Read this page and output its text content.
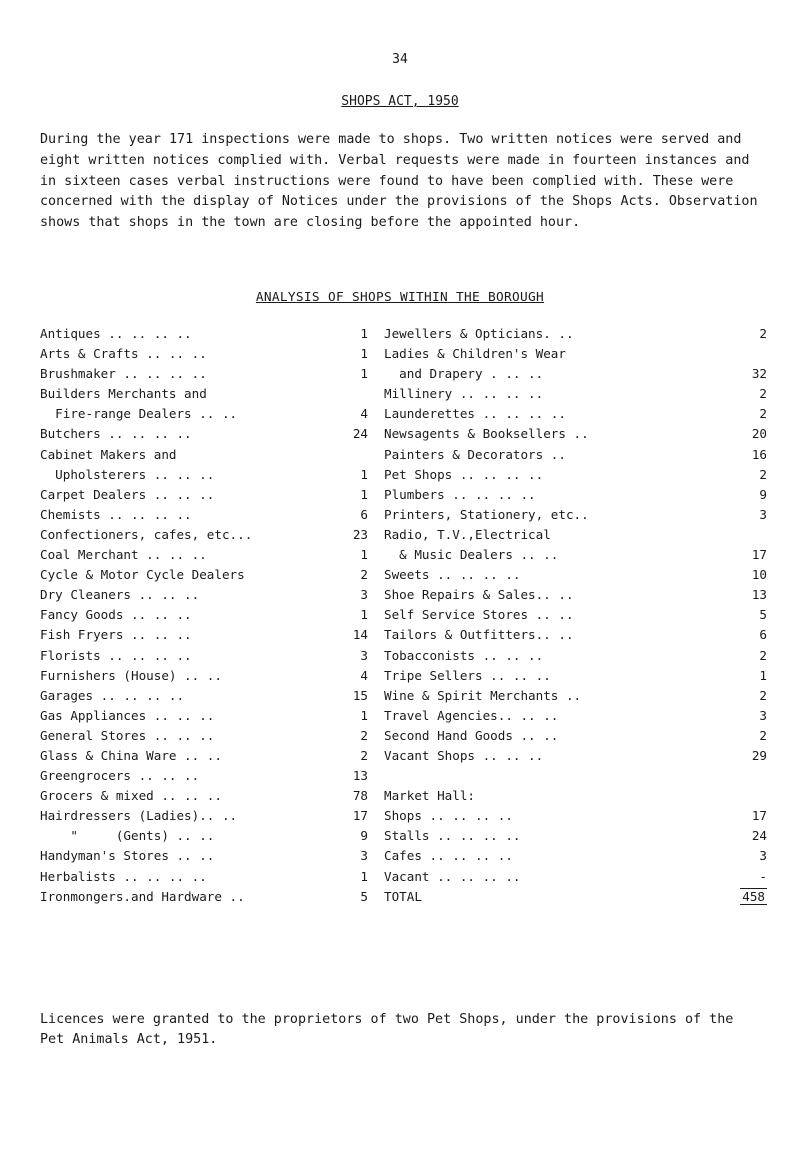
34
SHOPS ACT, 1950
During the year 171 inspections were made to shops. Two written notices were served and eight written notices complied with. Verbal requests were made in fourteen instances and in sixteen cases verbal instructions were found to have been complied with. These were concerned with the display of Notices under the provisions of the Shops Acts. Observation shows that shops in the town are closing before the appointed hour.
ANALYSIS OF SHOPS WITHIN THE BOROUGH
Antiques .. .. .. ..	1
Arts & Crafts .. .. ..	1
Brushmaker .. .. .. ..	1
Builders Merchants and
Fire-range Dealers .. ..	4
Butchers .. .. .. ..	24
Cabinet Makers and
Upholsterers .. .. ..	1
Carpet Dealers .. .. ..	1
Chemists .. .. .. ..	6
Confectioners, cafes, etc...	23
Coal Merchant .. .. ..	1
Cycle & Motor Cycle Dealers	2
Dry Cleaners .. .. ..	3
Fancy Goods .. .. ..	1
Fish Fryers .. .. ..	14
Florists .. .. .. ..	3
Furnishers (House) .. ..	4
Garages .. .. .. ..	15
Gas Appliances .. .. ..	1
General Stores .. .. ..	2
Glass & China Ware .. ..	2
Greengrocers .. .. ..	13
Grocers & mixed .. .. ..	78
Hairdressers (Ladies).. ..	17
"     (Gents) .. ..	9
Handyman's Stores .. ..	3
Herbalists .. .. .. ..	1
Ironmongers.and Hardware ..	5
Jewellers & Opticians. ..	2
Ladies & Children's Wear
and Drapery . .. ..	32
Millinery .. .. .. ..	2
Launderettes .. .. .. ..	2
Newsagents & Booksellers ..	20
Painters & Decorators ..	16
Pet Shops .. .. .. ..	2
Plumbers .. .. .. ..	9
Printers, Stationery, etc..	3
Radio, T.V.,Electrical
& Music Dealers .. ..	17
Sweets .. .. .. ..	10
Shoe Repairs & Sales.. ..	13
Self Service Stores .. ..	5
Tailors & Outfitters.. ..	6
Tobacconists .. .. ..	2
Tripe Sellers .. .. ..	1
Wine & Spirit Merchants ..	2
Travel Agencies.. .. ..	3
Second Hand Goods .. ..	2
Vacant Shops .. .. ..	29
Market Hall:
Shops .. .. .. ..	17
Stalls .. .. .. ..	24
Cafes .. .. .. ..	3
Vacant .. .. .. ..	-
TOTAL	458
Licences were granted to the proprietors of two Pet Shops, under the provisions of the Pet Animals Act, 1951.
